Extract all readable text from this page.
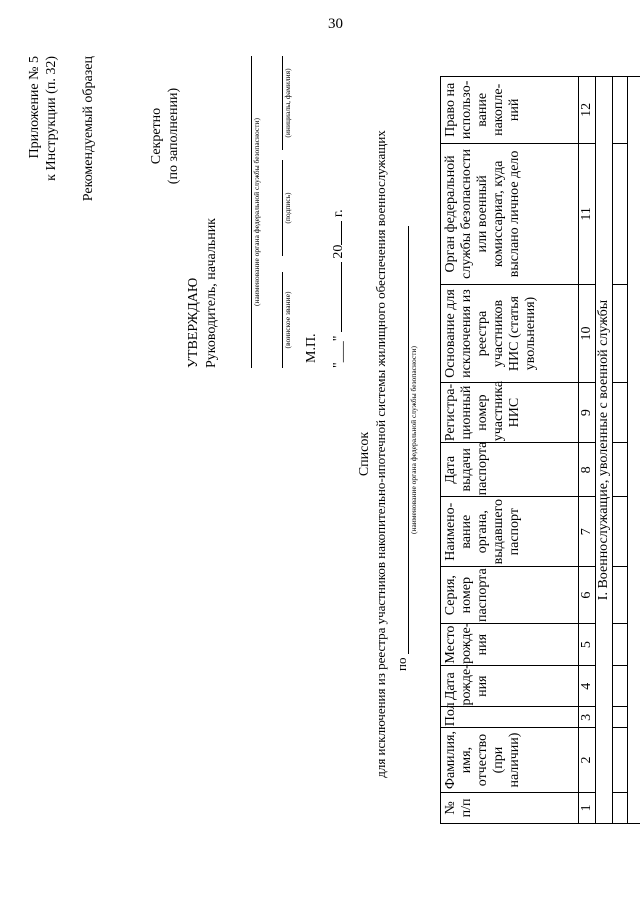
30
Приложение № 5 к Инструкции (п. 32) Рекомендуемый образец	Секретно (по заполнении)
УТВЕРЖДАЮ Руководитель, начальник	(наименование органа федеральной службы безопасности)
(воинское звание)
(подпись)
(инициалы, фамилия)
М.П. "___"  20 г.
Список для исключения из реестра участников накопительно-ипотечной системы жилищного обеспечения военнослужащих по
(наименование органа федеральной службы безопасности)
№ п/п	Фамилия, имя, отчество (при наличии)	Пол	Дата рожде-ния	Место рожде-ния	Серия, номер паспорта	Наимено-вание органа, выдавшего паспорт	Дата выдачи паспорта	Регистра-ционный номер участника НИС	Основание для исключения из реестра участников НИС (статья увольнения)	Орган федеральной службы безопасности или военный комиссариат, куда выслано личное дело	Право на использо-вание накопле-ний
1	2	3	4	5	6	7	8	9	10	11	12
I. Военнослужащие, уволенные с военной службы											
